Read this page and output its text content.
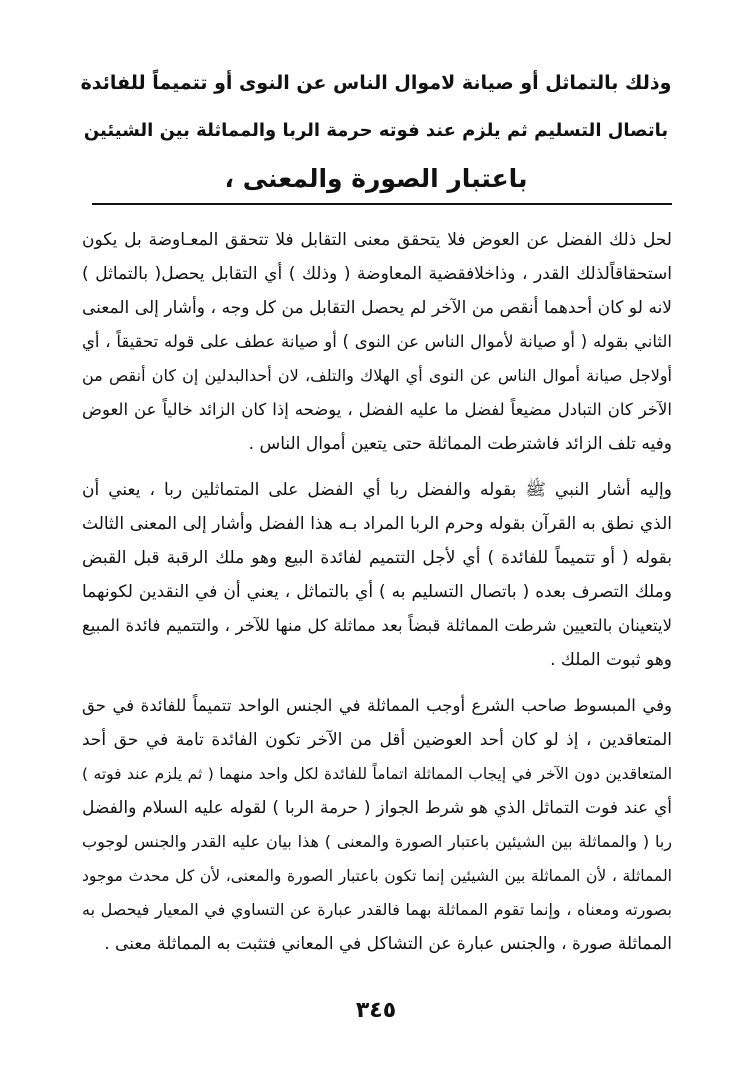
وذلك بالتماثل أو صيانة لاموال الناس عن النوى أو تتميماً للفائدة
باتصال التسليم ثم يلزم عند فوته حرمة الربا والمماثلة بين الشيئين
باعتبار الصورة والمعنى ،
لحل ذلك الفضل عن العوض فلا يتحقق معنى التقابل فلا تتحقق المعـاوضة بل يكون
استحقاقاًلذلك القدر ، وذاخلافقضية المعاوضة ( وذلك ) أي التقابل يحصل( بالتماثل )
لانه لو كان أحدهما أنقص من الآخر لم يحصل التقابل من كل وجه ، وأشار إلى المعنى
الثاني بقوله ( أو صيانة لأموال الناس عن النوى ) أو صيانة عطف على قوله تحقيقاً ، أي
أولاجل صيانة أموال الناس عن النوى أي الهلاك والتلف، لان أحدالبدلين إن كان أنقص من
الآخر كان التبادل مضيعاً لفضل ما عليه الفضل ، يوضحه إذا كان الزائد خالياً عن العوض
وفيه تلف الزائد فاشترطت المماثلة حتى يتعين أموال الناس .
وإليه أشار النبي ﷺ بقوله والفضل ربا أي الفضل على المتماثلين ربا ، يعني أن
الذي نطق به القرآن بقوله وحرم الربا المراد بـه هذا الفضل وأشار إلى المعنى الثالث
بقوله ( أو تتميماً للفائدة ) أي لأجل التتميم لفائدة البيع وهو ملك الرقبة قبل القبض
وملك التصرف بعده ( باتصال التسليم به ) أي بالتماثل ، يعني أن في النقدين لكونهما
لايتعينان بالتعيين شرطت المماثلة قبضاً بعد مماثلة كل منها للآخر ، والتتميم فائدة المبيع
وهو ثبوت الملك .
وفي المبسوط صاحب الشرع أوجب المماثلة في الجنس الواحد تتميماً للفائدة في حق
المتعاقدين ، إذ لو كان أحد العوضين أقل من الآخر تكون الفائدة تامة في حق أحد
المتعاقدين دون الآخر في إيجاب المماثلة اتماماً للفائدة لكل واحد منهما ( ثم يلزم عند فوته )
أي عند فوت التماثل الذي هو شرط الجواز ( حرمة الربا ) لقوله عليه السلام والفضل
ربا ( والمماثلة بين الشيئين باعتبار الصورة والمعنى ) هذا بيان عليه القدر والجنس لوجوب
المماثلة ، لأن المماثلة بين الشيئين إنما تكون باعتبار الصورة والمعنى، لأن كل محدث موجود
بصورته ومعناه ، وإنما تقوم المماثلة بهما فالقدر عبارة عن التساوي في المعيار فيحصل به
المماثلة صورة ، والجنس عبارة عن التشاكل في المعاني فتثبت به المماثلة معنى .
٣٤٥
